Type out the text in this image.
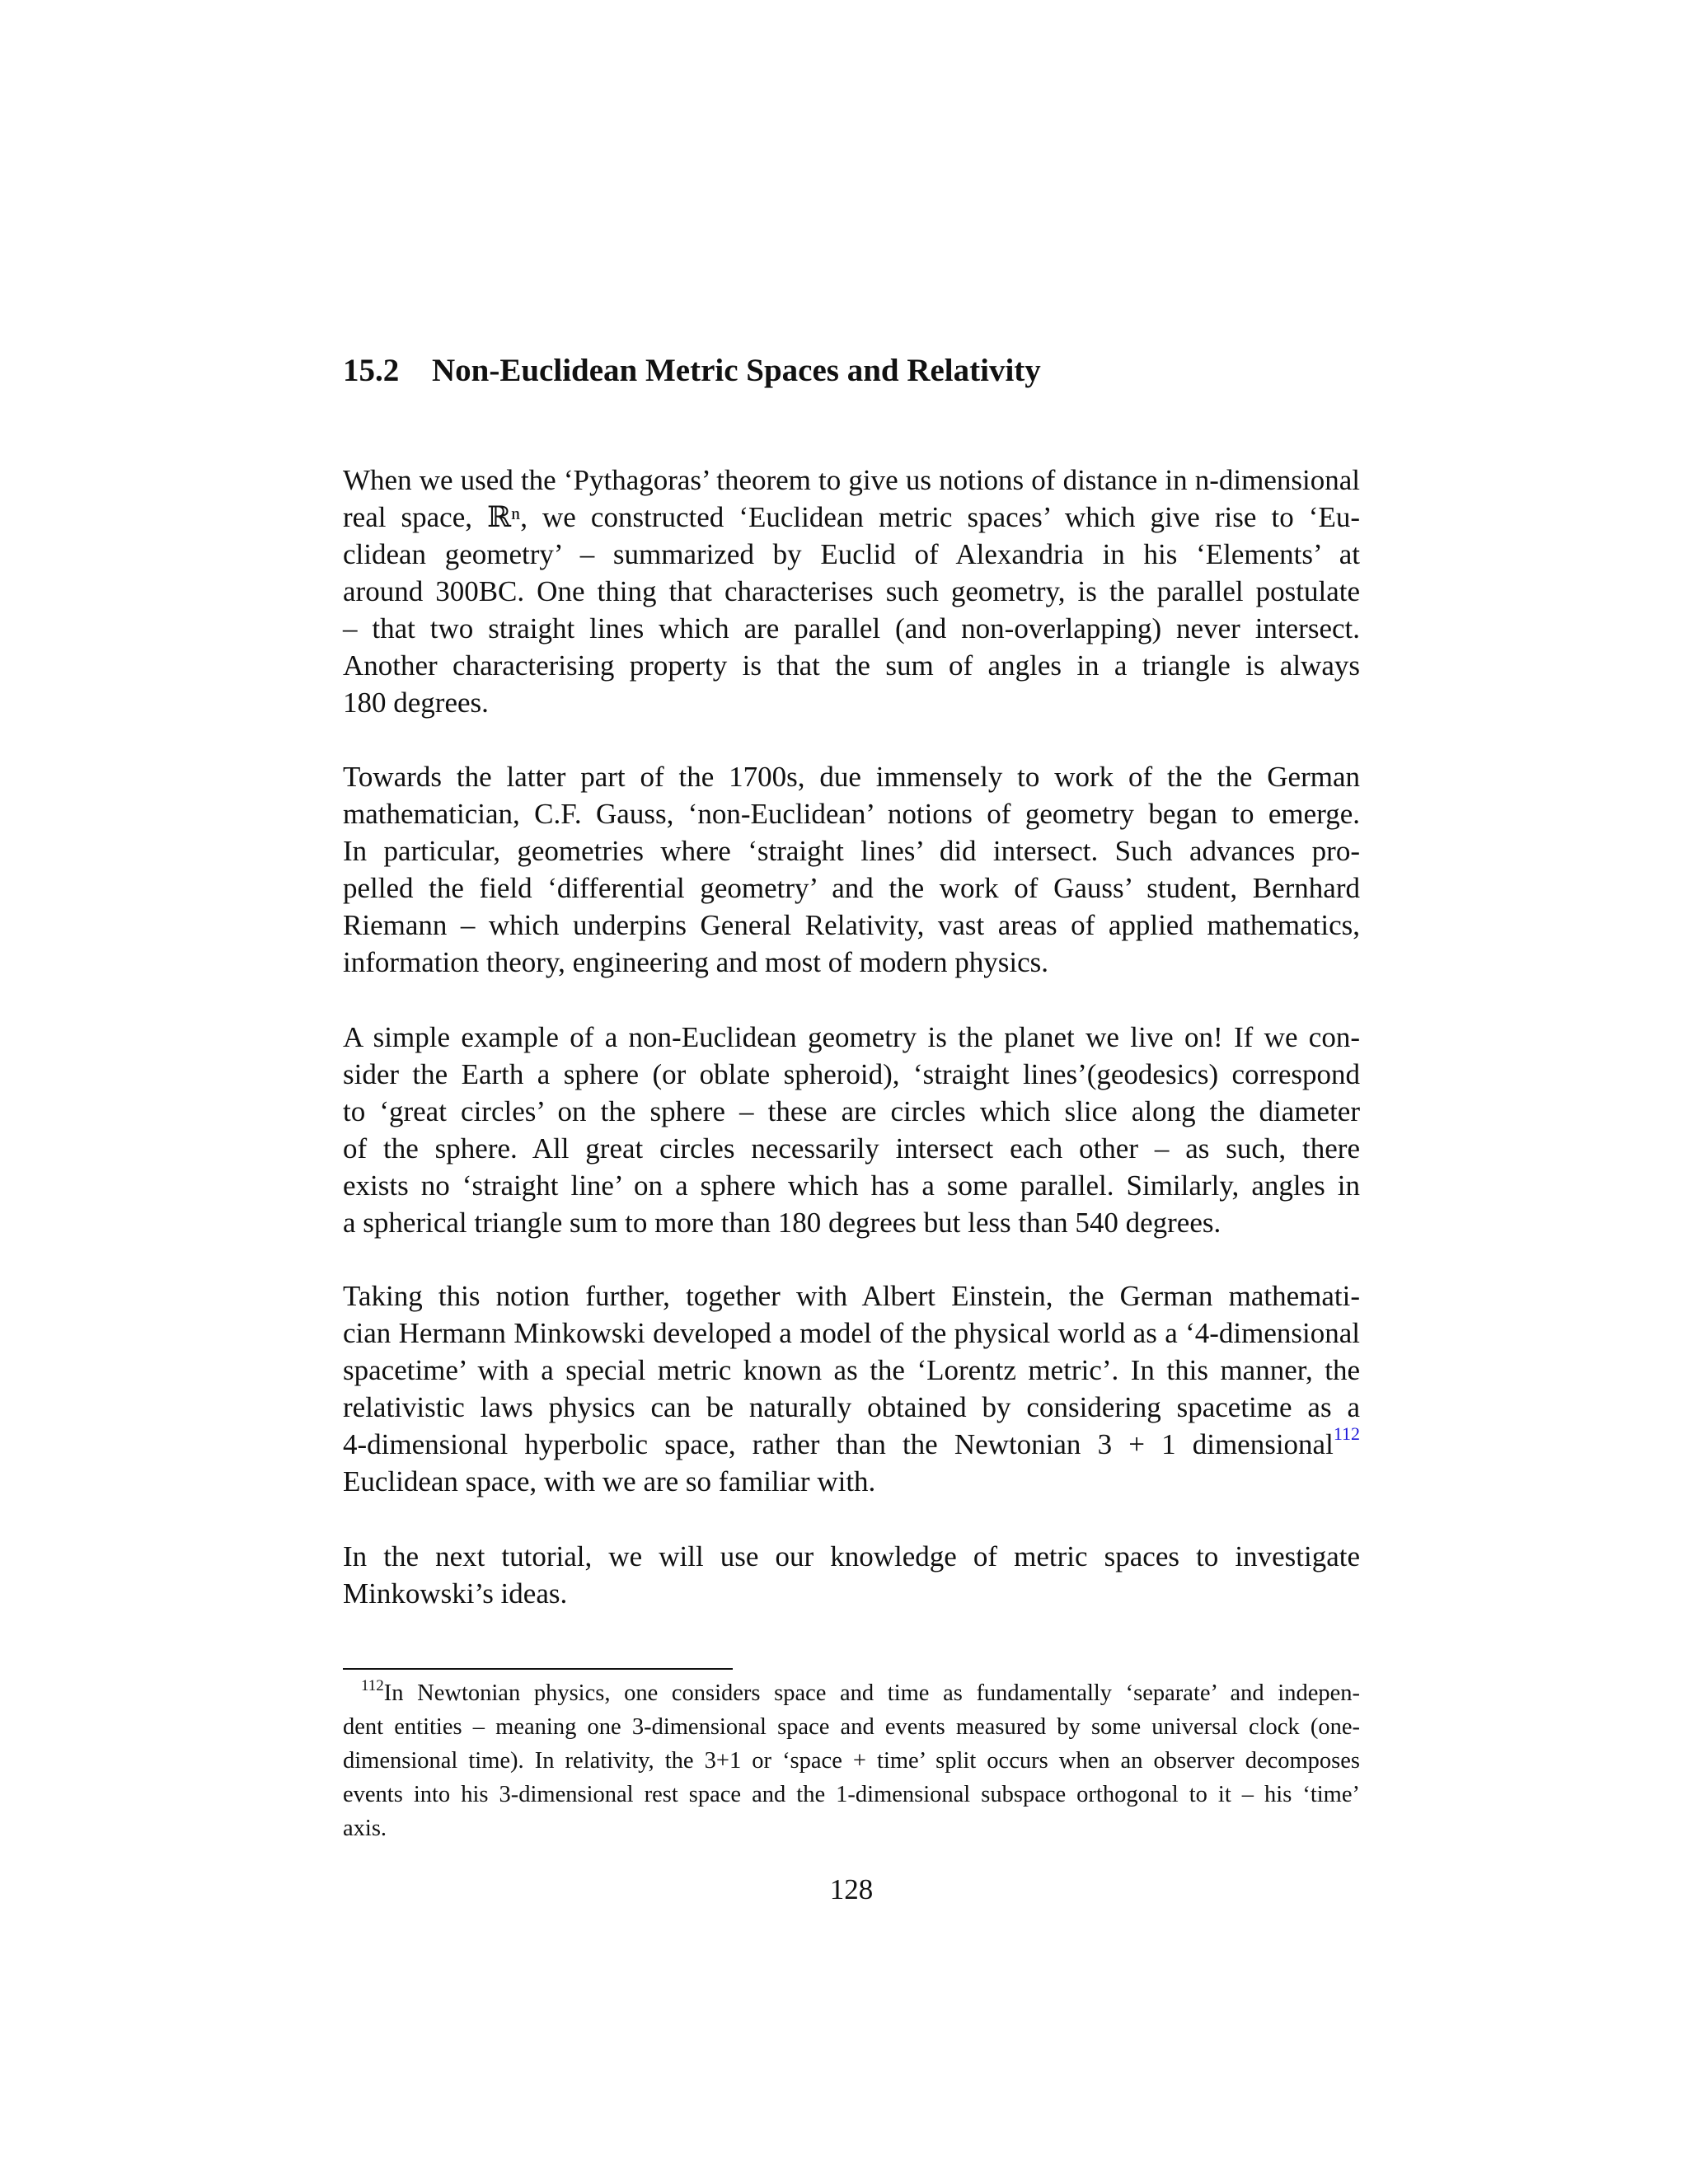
15.2 Non-Euclidean Metric Spaces and Relativity
When we used the ‘Pythagoras’ theorem to give us notions of distance in n-dimensional
real space, ℝⁿ, we constructed ‘Euclidean metric spaces’ which give rise to ‘Eu-
clidean geometry’ – summarized by Euclid of Alexandria in his ‘Elements’ at
around 300BC. One thing that characterises such geometry, is the parallel postulate
– that two straight lines which are parallel (and non-overlapping) never intersect.
Another characterising property is that the sum of angles in a triangle is always
180 degrees.
Towards the latter part of the 1700s, due immensely to work of the the German
mathematician, C.F. Gauss, ‘non-Euclidean’ notions of geometry began to emerge.
In particular, geometries where ‘straight lines’ did intersect. Such advances pro-
pelled the field ‘differential geometry’ and the work of Gauss’ student, Bernhard
Riemann – which underpins General Relativity, vast areas of applied mathematics,
information theory, engineering and most of modern physics.
A simple example of a non-Euclidean geometry is the planet we live on! If we con-
sider the Earth a sphere (or oblate spheroid), ‘straight lines’(geodesics) correspond
to ‘great circles’ on the sphere – these are circles which slice along the diameter
of the sphere. All great circles necessarily intersect each other – as such, there
exists no ‘straight line’ on a sphere which has a some parallel. Similarly, angles in
a spherical triangle sum to more than 180 degrees but less than 540 degrees.
Taking this notion further, together with Albert Einstein, the German mathemati-
cian Hermann Minkowski developed a model of the physical world as a ‘4-dimensional
spacetime’ with a special metric known as the ‘Lorentz metric’. In this manner, the
relativistic laws physics can be naturally obtained by considering spacetime as a
4-dimensional hyperbolic space, rather than the Newtonian 3 + 1 dimensional$^{112}$
Euclidean space, with we are so familiar with.
In the next tutorial, we will use our knowledge of metric spaces to investigate
Minkowski’s ideas.
$^{112}$In Newtonian physics, one considers space and time as fundamentally ‘separate’ and indepen-
dent entities – meaning one 3-dimensional space and events measured by some universal clock (one-
dimensional time). In relativity, the 3+1 or ‘space + time’ split occurs when an observer decomposes
events into his 3-dimensional rest space and the 1-dimensional subspace orthogonal to it – his ‘time’
axis.
128
